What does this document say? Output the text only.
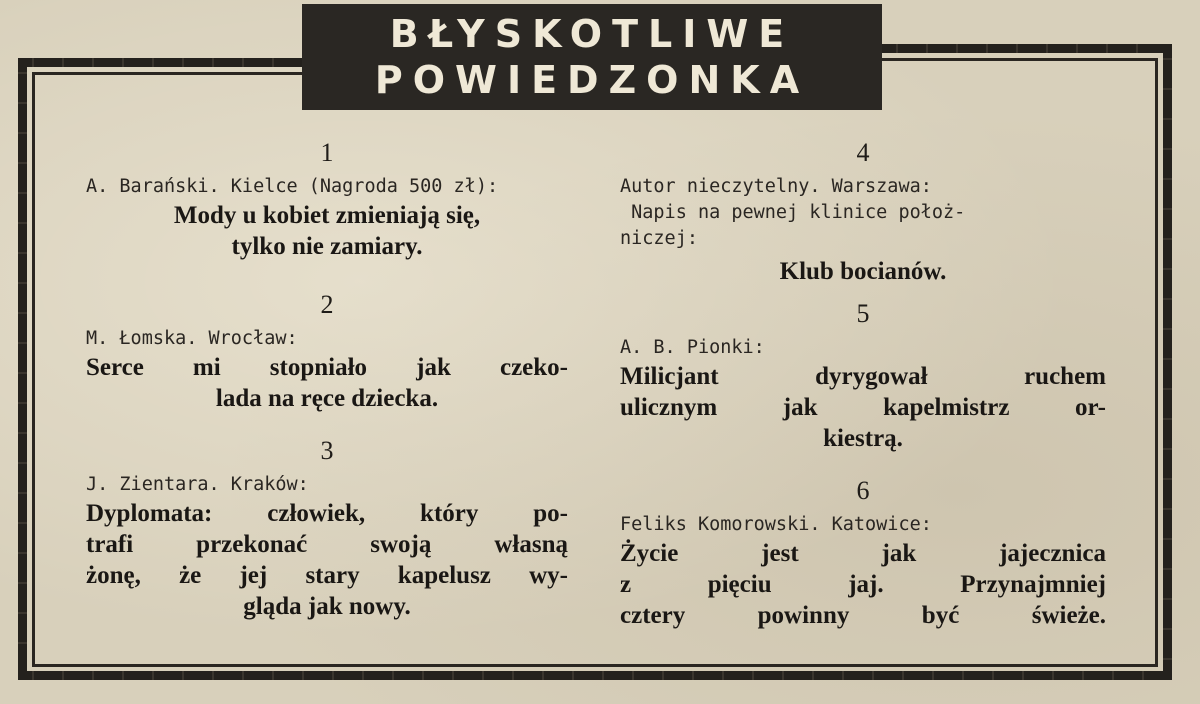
BŁYSKOTLIWE
POWIEDZONKA
1
A. Barański. Kielce (Nagroda 500 zł):
Mody u kobiet zmieniają się,
tylko nie zamiary.
2
M. Łomska. Wrocław:
Serce mi stopniało jak czeko-
lada na ręce dziecka.
3
J. Zientara. Kraków:
Dyplomata: człowiek, który po-
trafi przekonać swoją własną
żonę, że jej stary kapelusz wy-
gląda jak nowy.
4
Autor nieczytelny. Warszawa:
Napis na pewnej klinice położ-
niczej:
Klub bocianów.
5
A. B. Pionki:
Milicjant dyrygował ruchem
ulicznym jak kapelmistrz or-
kiestrą.
6
Feliks Komorowski. Katowice:
Życie jest jak jajecznica
z pięciu jaj. Przynajmniej
cztery powinny być świeże.
